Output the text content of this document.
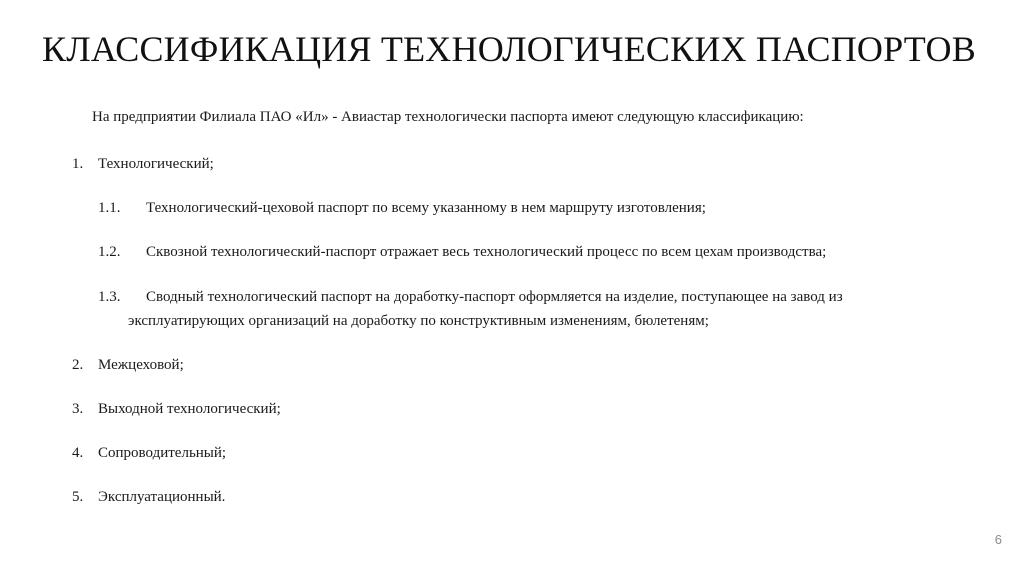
КЛАССИФИКАЦИЯ ТЕХНОЛОГИЧЕСКИХ ПАСПОРТОВ

На предприятии Филиала ПАО «Ил» - Авиастар технологически паспорта имеют следующую классификацию:

1. Технологический;

1.1. Технологический-цеховой паспорт по всему указанному в нем маршруту изготовления;

1.2. Сквозной технологический-паспорт отражает весь технологический процесс по всем цехам производства;

1.3. Сводный технологический паспорт на доработку-паспорт оформляется на изделие, поступающее на завод из

эксплуатирующих организаций на доработку по конструктивным изменениям, бюлетеням;

2. Межцеховой;

3. Выходной технологический;

4. Сопроводительный;

5. Эксплуатационный.

6
